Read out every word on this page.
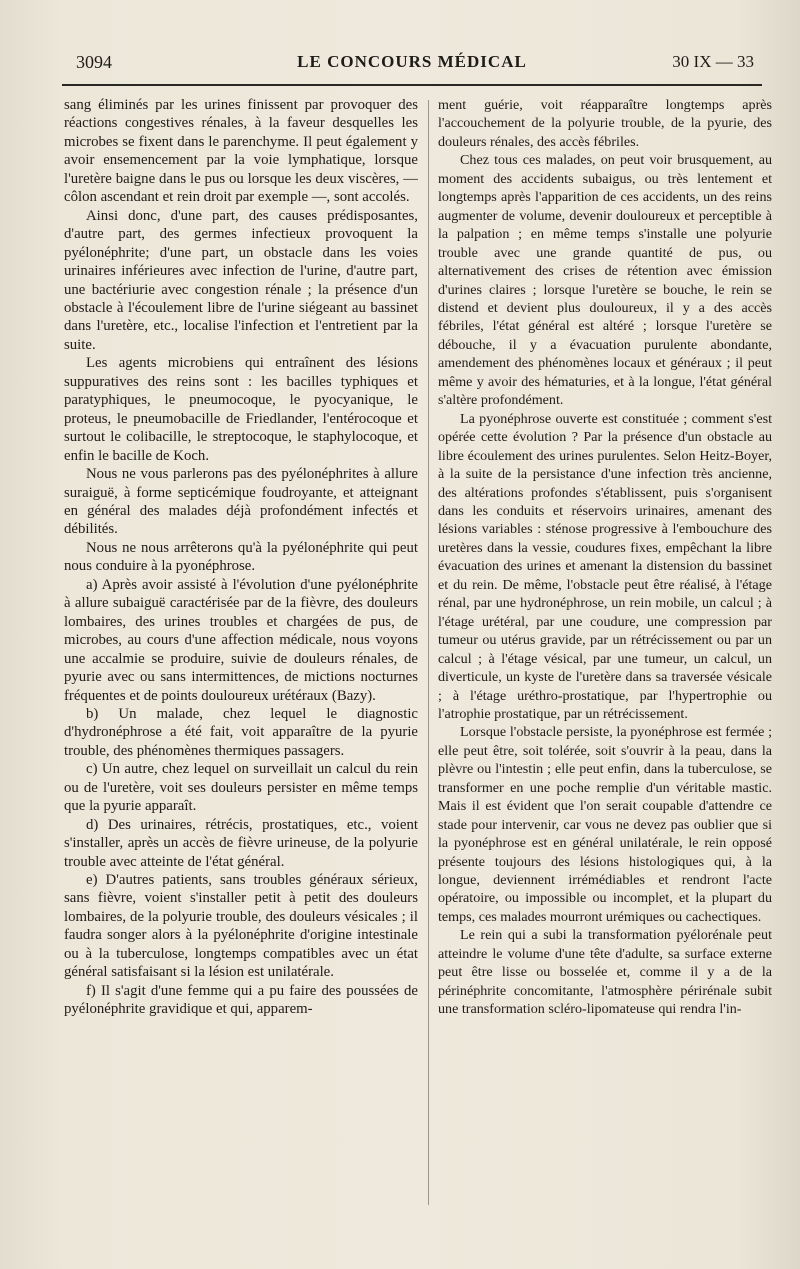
3094	LE CONCOURS MÉDICAL	30 IX — 33

sang éliminés par les urines finissent par provoquer des réactions congestives rénales, à la faveur desquelles les microbes se fixent dans le parenchyme. Il peut également y avoir ensemencement par la voie lymphatique, lorsque l'uretère baigne dans le pus ou lorsque les deux viscères, — côlon ascendant et rein droit par exemple —, sont accolés.

Ainsi donc, d'une part, des causes prédisposantes, d'autre part, des germes infectieux provoquent la pyélonéphrite; d'une part, un obstacle dans les voies urinaires inférieures avec infection de l'urine, d'autre part, une bactériurie avec congestion rénale ; la présence d'un obstacle à l'écoulement libre de l'urine siégeant au bassinet dans l'uretère, etc., localise l'infection et l'entretient par la suite.

Les agents microbiens qui entraînent des lésions suppuratives des reins sont : les bacilles typhiques et paratyphiques, le pneumocoque, le pyocyanique, le proteus, le pneumobacille de Friedlander, l'entérocoque et surtout le colibacille, le streptocoque, le staphylocoque, et enfin le bacille de Koch.

Nous ne vous parlerons pas des pyélonéphrites à allure suraiguë, à forme septicémique foudroyante, et atteignant en général des malades déjà profondément infectés et débilités.

Nous ne nous arrêterons qu'à la pyélonéphrite qui peut nous conduire à la pyonéphrose.

a) Après avoir assisté à l'évolution d'une pyélonéphrite à allure subaiguë caractérisée par de la fièvre, des douleurs lombaires, des urines troubles et chargées de pus, de microbes, au cours d'une affection médicale, nous voyons une accalmie se produire, suivie de douleurs rénales, de pyurie avec ou sans intermittences, de mictions nocturnes fréquentes et de points douloureux urétéraux (Bazy).

b) Un malade, chez lequel le diagnostic d'hydronéphrose a été fait, voit apparaître de la pyurie trouble, des phénomènes thermiques passagers.

c) Un autre, chez lequel on surveillait un calcul du rein ou de l'uretère, voit ses douleurs persister en même temps que la pyurie apparaît.

d) Des urinaires, rétrécis, prostatiques, etc., voient s'installer, après un accès de fièvre urineuse, de la polyurie trouble avec atteinte de l'état général.

e) D'autres patients, sans troubles généraux sérieux, sans fièvre, voient s'installer petit à petit des douleurs lombaires, de la polyurie trouble, des douleurs vésicales ; il faudra songer alors à la pyélonéphrite d'origine intestinale ou à la tuberculose, longtemps compatibles avec un état général satisfaisant si la lésion est unilatérale.

f) Il s'agit d'une femme qui a pu faire des poussées de pyélonéphrite gravidique et qui, apparem-

ment guérie, voit réapparaître longtemps après l'accouchement de la polyurie trouble, de la pyurie, des douleurs rénales, des accès fébriles.

Chez tous ces malades, on peut voir brusquement, au moment des accidents subaigus, ou très lentement et longtemps après l'apparition de ces accidents, un des reins augmenter de volume, devenir douloureux et perceptible à la palpation ; en même temps s'installe une polyurie trouble avec une grande quantité de pus, ou alternativement des crises de rétention avec émission d'urines claires ; lorsque l'uretère se bouche, le rein se distend et devient plus douloureux, il y a des accès fébriles, l'état général est altéré ; lorsque l'uretère se débouche, il y a évacuation purulente abondante, amendement des phénomènes locaux et généraux ; il peut même y avoir des hématuries, et à la longue, l'état général s'altère profondément.

La pyonéphrose ouverte est constituée ; comment s'est opérée cette évolution ? Par la présence d'un obstacle au libre écoulement des urines purulentes. Selon Heitz-Boyer, à la suite de la persistance d'une infection très ancienne, des altérations profondes s'établissent, puis s'organisent dans les conduits et réservoirs urinaires, amenant des lésions variables : sténose progressive à l'embouchure des uretères dans la vessie, coudures fixes, empêchant la libre évacuation des urines et amenant la distension du bassinet et du rein. De même, l'obstacle peut être réalisé, à l'étage rénal, par une hydronéphrose, un rein mobile, un calcul ; à l'étage urétéral, par une coudure, une compression par tumeur ou utérus gravide, par un rétrécissement ou par un calcul ; à l'étage vésical, par une tumeur, un calcul, un diverticule, un kyste de l'uretère dans sa traversée vésicale ; à l'étage uréthro-prostatique, par l'hypertrophie ou l'atrophie prostatique, par un rétrécissement.

Lorsque l'obstacle persiste, la pyonéphrose est fermée ; elle peut être, soit tolérée, soit s'ouvrir à la peau, dans la plèvre ou l'intestin ; elle peut enfin, dans la tuberculose, se transformer en une poche remplie d'un véritable mastic. Mais il est évident que l'on serait coupable d'attendre ce stade pour intervenir, car vous ne devez pas oublier que si la pyonéphrose est en général unilatérale, le rein opposé présente toujours des lésions histologiques qui, à la longue, deviennent irrémédiables et rendront l'acte opératoire, ou impossible ou incomplet, et la plupart du temps, ces malades mourront urémiques ou cachectiques.

Le rein qui a subi la transformation pyélorénale peut atteindre le volume d'une tête d'adulte, sa surface externe peut être lisse ou bosselée et, comme il y a de la périnéphrite concomitante, l'atmosphère périrénale subit une transformation scléro-lipomateuse qui rendra l'in-
